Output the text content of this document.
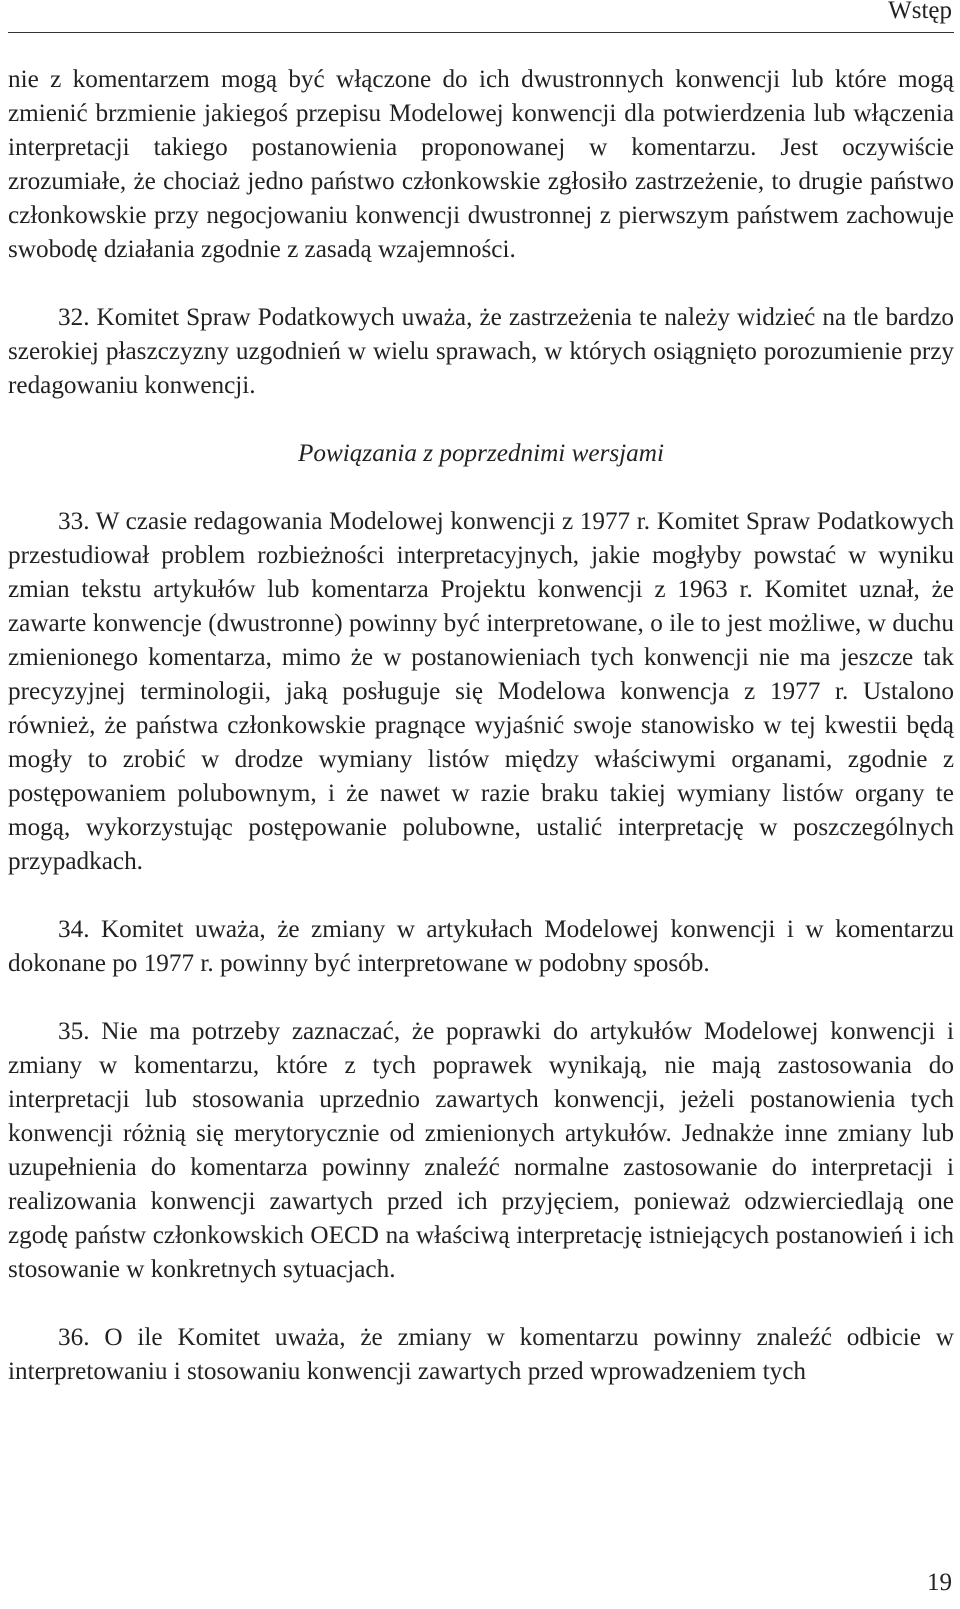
Wstęp

nie z komentarzem mogą być włączone do ich dwustronnych konwencji lub które mogą zmienić brzmienie jakiegoś przepisu Modelowej konwencji dla potwierdzenia lub włączenia interpretacji takiego postanowienia proponowanej w komentarzu. Jest oczywiście zrozumiałe, że chociaż jedno państwo członkowskie zgłosiło zastrzeżenie, to drugie państwo członkowskie przy negocjowaniu konwencji dwustronnej z pierwszym państwem zachowuje swobodę działania zgodnie z zasadą wzajemności.

32. Komitet Spraw Podatkowych uważa, że zastrzeżenia te należy widzieć na tle bardzo szerokiej płaszczyzny uzgodnień w wielu sprawach, w których osiągnięto porozumienie przy redagowaniu konwencji.

Powiązania z poprzednimi wersjami

33. W czasie redagowania Modelowej konwencji z 1977 r. Komitet Spraw Podatkowych przestudiował problem rozbieżności interpretacyjnych, jakie mogłyby powstać w wyniku zmian tekstu artykułów lub komentarza Projektu konwencji z 1963 r. Komitet uznał, że zawarte konwencje (dwustronne) powinny być interpretowane, o ile to jest możliwe, w duchu zmienionego komentarza, mimo że w postanowieniach tych konwencji nie ma jeszcze tak precyzyjnej terminologii, jaką posługuje się Modelowa konwencja z 1977 r. Ustalono również, że państwa członkowskie pragnące wyjaśnić swoje stanowisko w tej kwestii będą mogły to zrobić w drodze wymiany listów między właściwymi organami, zgodnie z postępowaniem polubownym, i że nawet w razie braku takiej wymiany listów organy te mogą, wykorzystując postępowanie polubowne, ustalić interpretację w poszczególnych przypadkach.

34. Komitet uważa, że zmiany w artykułach Modelowej konwencji i w komentarzu dokonane po 1977 r. powinny być interpretowane w podobny sposób.

35. Nie ma potrzeby zaznaczać, że poprawki do artykułów Modelowej konwencji i zmiany w komentarzu, które z tych poprawek wynikają, nie mają zastosowania do interpretacji lub stosowania uprzednio zawartych konwencji, jeżeli postanowienia tych konwencji różnią się merytorycznie od zmienionych artykułów. Jednakże inne zmiany lub uzupełnienia do komentarza powinny znaleźć normalne zastosowanie do interpretacji i realizowania konwencji zawartych przed ich przyjęciem, ponieważ odzwierciedlają one zgodę państw członkowskich OECD na właściwą interpretację istniejących postanowień i ich stosowanie w konkretnych sytuacjach.

36. O ile Komitet uważa, że zmiany w komentarzu powinny znaleźć odbicie w interpretowaniu i stosowaniu konwencji zawartych przed wprowadzeniem tych

19
